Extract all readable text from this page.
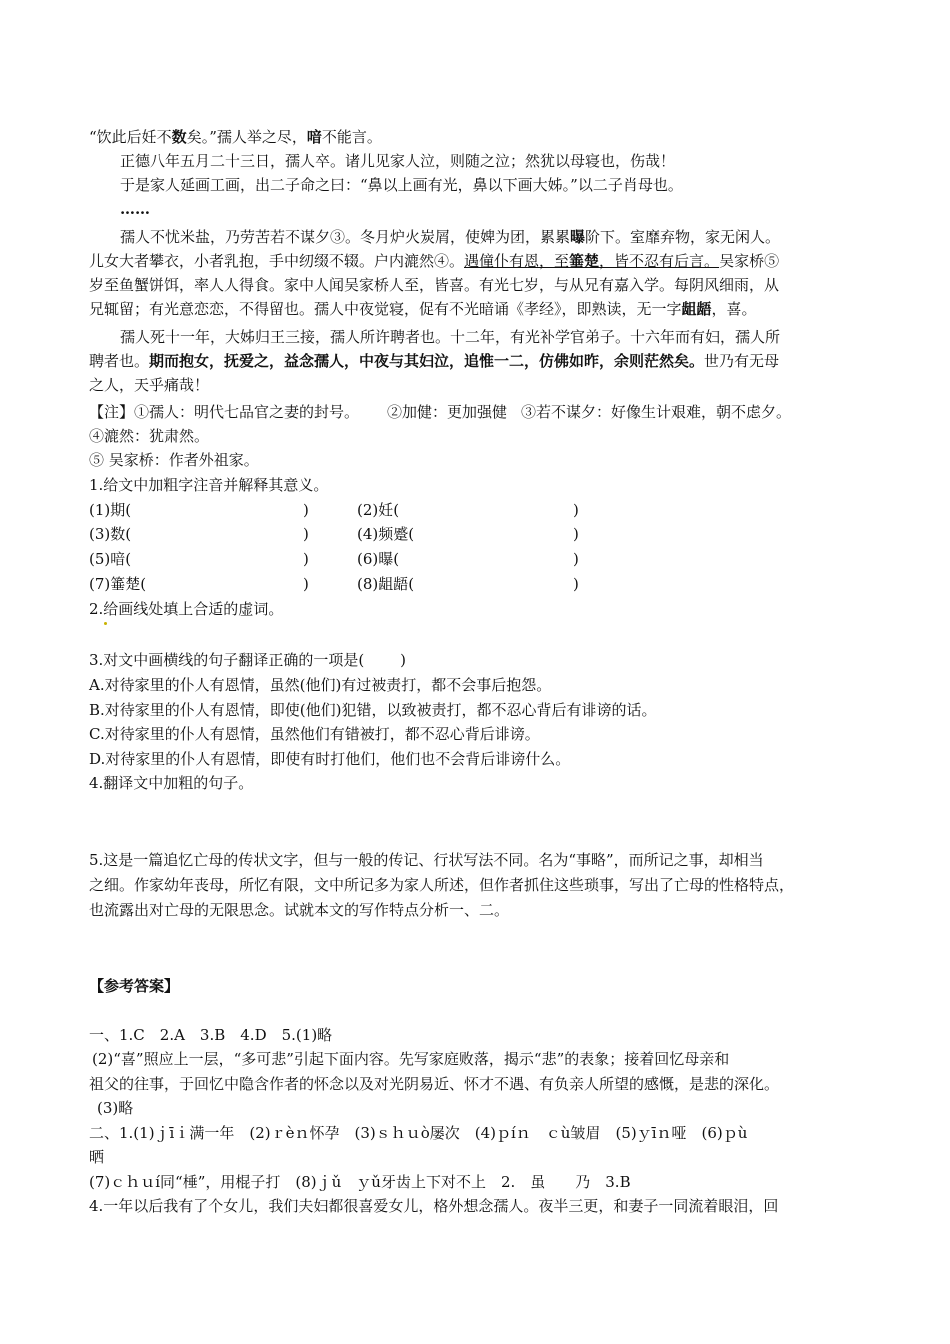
“饮此后妊不数矣。”孺人举之尽，喑不能言。
正德八年五月二十三日，孺人卒。诸儿见家人泣，则随之泣；然犹以母寝也，伤哉！
于是家人延画工画，出二子命之曰：“鼻以上画有光，鼻以下画大姊。”以二子肖母也。
……
孺人不忧米盐，乃劳苦若不谋夕③。冬月炉火炭屑，使婢为团，累累曝阶下。室靡弃物，家无闲人。
儿女大者攀衣，小者乳抱，手中纫缀不辍。户内漉然④。遇僮仆有恩，至箠楚，皆不忍有后言。吴家桥⑤
岁至鱼蟹饼饵，率人人得食。家中人闻吴家桥人至，皆喜。有光七岁，与从兄有嘉入学。每阴风细雨，从
兄辄留；有光意恋恋，不得留也。孺人中夜觉寝，促有不光暗诵《孝经》，即熟读，无一字龃龉，喜。
孺人死十一年，大姊归王三接，孺人所许聘者也。十二年，有光补学官弟子。十六年而有妇，孺人所
聘者也。期而抱女，抚爱之，益念孺人，中夜与其妇泣，追惟一二，仿佛如昨，余则茫然矣。世乃有无母
之人，天乎痛哉！
【注】①孺人：明代七品官之妻的封号。 ②加健：更加强健 ③若不谋夕：好像生计艰难，朝不虑夕。
④漉然：犹肃然。
⑤ 吴家桥：作者外祖家。
1.给文中加粗字注音并解释其意义。
(1)期(	)	(2)妊(	)
(3)数(	)	(4)频蹙(	)
(5)喑(	)	(6)曝(	)
(7)箠楚(	)	(8)龃龉(	)
2.给画线处填上合适的虚词。
3.对文中画横线的句子翻译正确的一项是( )
A.对待家里的仆人有恩情，虽然(他们)有过被责打，都不会事后抱怨。
B.对待家里的仆人有恩情，即使(他们)犯错，以致被责打，都不忍心背后有诽谤的话。
C.对待家里的仆人有恩情，虽然他们有错被打，都不忍心背后诽谤。
D.对待家里的仆人有恩情，即使有时打他们，他们也不会背后诽谤什么。
4.翻译文中加粗的句子。
5.这是一篇追忆亡母的传状文字，但与一般的传记、行状写法不同。名为“事略”，而所记之事，却相当
之细。作家幼年丧母，所忆有限，文中所记多为家人所述，但作者抓住这些琐事，写出了亡母的性格特点，
也流露出对亡母的无限思念。试就本文的写作特点分析一、二。
【参考答案】
一、1.C　2.A　3.B　4.D　5.(1)略
(2)“喜”照应上一层，“多可悲”引起下面内容。先写家庭败落，揭示“悲”的表象；接着回忆母亲和
祖父的往事，于回忆中隐含作者的怀念以及对光阴易近、怀才不遇、有负亲人所望的感慨，是悲的深化。
(3)略
二、1.(1)ｊīｉ满一年　(2)ｒèｎ怀孕　(3)ｓｈｕò屡次　(4)ｐíｎ　ｃù皱眉　(5)ｙīｎ哑　(6)ｐù
晒
(7)ｃｈｕí同“棰”，用棍子打　(8)ｊǔ　ｙǔ牙齿上下对不上　2.　虽　　乃　3.B
4.一年以后我有了个女儿，我们夫妇都很喜爱女儿，格外想念孺人。夜半三更，和妻子一同流着眼泪，回
